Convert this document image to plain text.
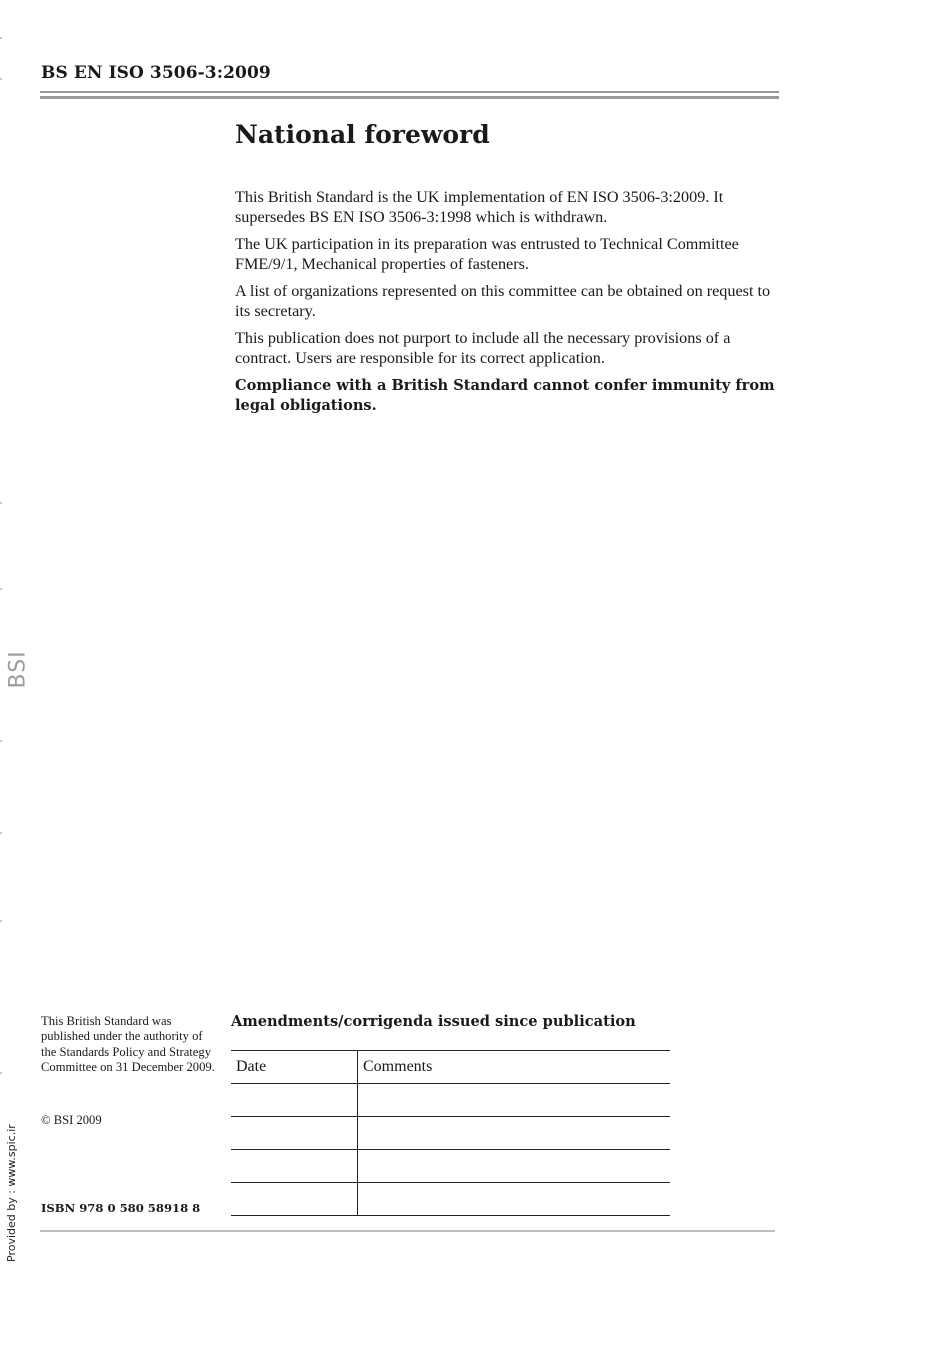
BS EN ISO 3506-3:2009
National foreword

This British Standard is the UK implementation of EN ISO 3506-3:2009. It supersedes BS EN ISO 3506-3:1998 which is withdrawn.

The UK participation in its preparation was entrusted to Technical Committee FME/9/1, Mechanical properties of fasteners.

A list of organizations represented on this committee can be obtained on request to its secretary.

This publication does not purport to include all the necessary provisions of a contract. Users are responsible for its correct application.

Compliance with a British Standard cannot confer immunity from legal obligations.

This British Standard was published under the authority of the Standards Policy and Strategy Committee on 31 December 2009.
© BSI 2009
ISBN 978 0 580 58918 8
Amendments/corrigenda issued since publication
Date	Comments

BSI
Provided by : www.spic.ir
